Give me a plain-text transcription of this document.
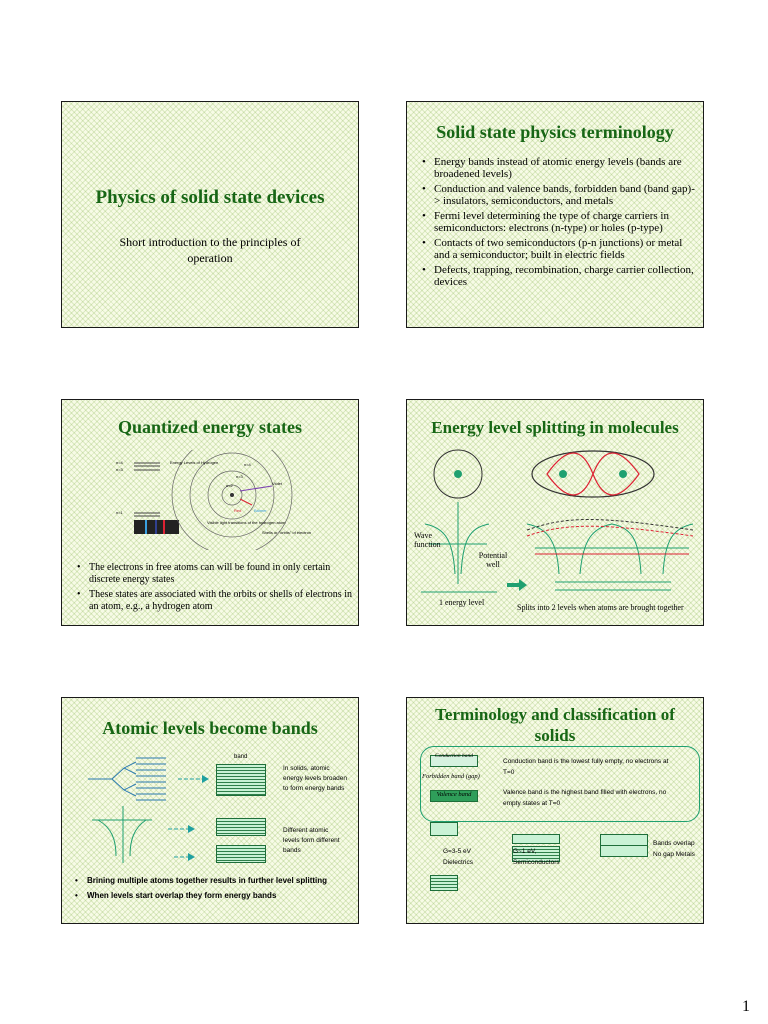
Physics of solid state devices
Short introduction to the principles of operation
Solid state physics terminology
• Energy bands instead of atomic energy levels (bands are broadened levels)
• Conduction and valence bands, forbidden band (band gap)-> insulators, semiconductors, and metals
• Fermi level determining the type of charge carriers in semiconductors: electrons (n-type) or holes (p-type)
• Contacts of two semiconductors (p-n junctions) or metal and a semiconductor; built in electric fields
• Defects, trapping, recombination, charge carrier collection, devices
Quantized energy states
n=4
n=3
n=1
Energy Levels of Hydrogen	n=4
n=3
n=2	Violet
Red	Balmer
Visible light transitions of the hydrogen atom
Shells or "orbits" of electron
• The electrons in free atoms can will be found in only certain discrete energy states
• These states are associated with the orbits or shells of electrons in an atom, e.g., a hydrogen atom
Energy level splitting in molecules
Wave function
Potential well
1 energy level
Splits into 2 levels when atoms are brought together
Atomic levels become bands
band
In solids, atomic energy levels broaden to form energy bands
Different atomic levels form different bands
• Brining multiple atoms together results in further level splitting
• When levels start overlap they form energy bands
Terminology and classification of solids
Conduction band
Forbidden band (gap)
Valence band
Conduction band is the lowest fully empty, no electrons at T=0
Valence band is the highest band filled with electrons, no empty states at T=0
G=3-5 eV Dielectrics
G~1 eV, Semiconductors
Bands overlap No gap Metals
1
